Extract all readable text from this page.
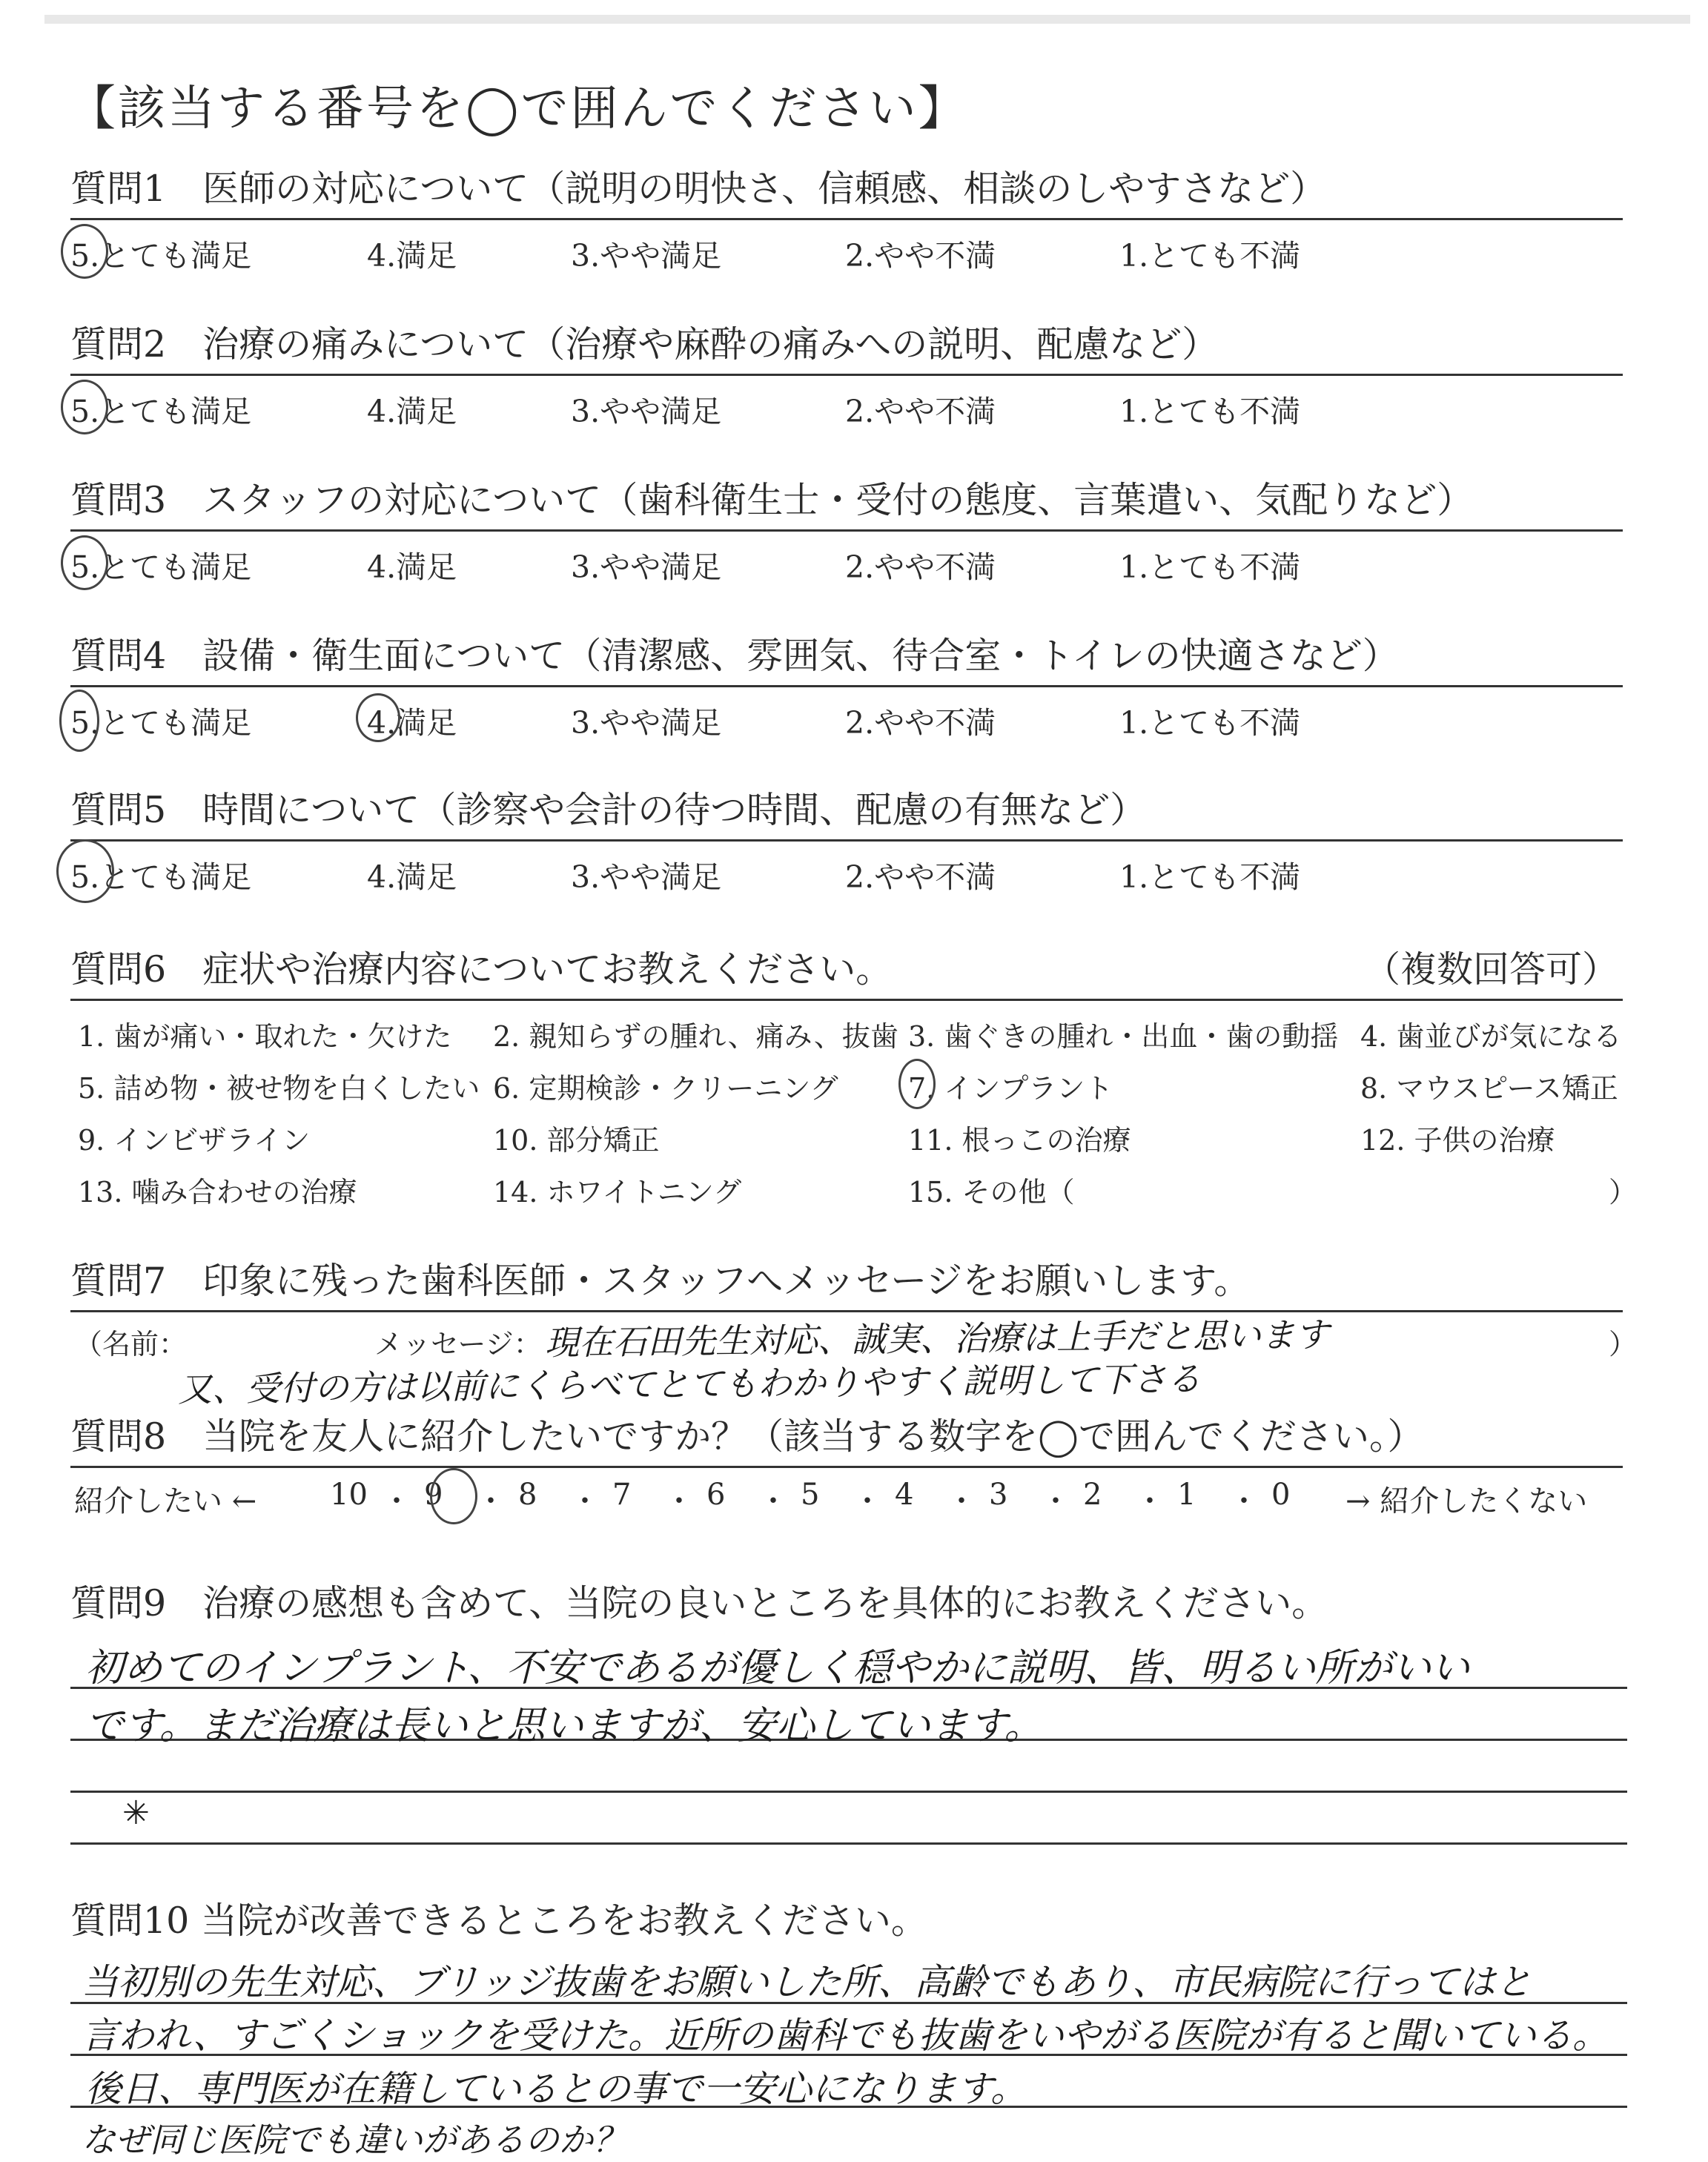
【該当する番号を◯で囲んでください】
質問1　医師の対応について（説明の明快さ、信頼感、相談のしやすさなど）
5.とても満足	4.満足	3.やや満足	2.やや不満	1.とても不満
質問2　治療の痛みについて（治療や麻酔の痛みへの説明、配慮など）
5.とても満足	4.満足	3.やや満足	2.やや不満	1.とても不満
質問3　スタッフの対応について（歯科衛生士・受付の態度、言葉遣い、気配りなど）
5.とても満足	4.満足	3.やや満足	2.やや不満	1.とても不満
質問4　設備・衛生面について（清潔感、雰囲気、待合室・トイレの快適さなど）
5.とても満足	4.満足	3.やや満足	2.やや不満	1.とても不満
質問5　時間について（診察や会計の待つ時間、配慮の有無など）
5.とても満足	4.満足	3.やや満足	2.やや不満	1.とても不満
質問6　症状や治療内容についてお教えください。	（複数回答可）
1. 歯が痛い・取れた・欠けた 2. 親知らずの腫れ、痛み、抜歯 3. 歯ぐきの腫れ・出血・歯の動揺 4. 歯並びが気になる
5. 詰め物・被せ物を白くしたい 6. 定期検診・クリーニング 7. インプラント	8. マウスピース矯正
9. インビザライン	10. 部分矯正	11. 根っこの治療	12. 子供の治療
13. 噛み合わせの治療	14. ホワイトニング	15. その他（	）
質問7　印象に残った歯科医師・スタッフへメッセージをお願いします。
（名前：	メッセージ：	）
現在石田先生対応、誠実、治療は上手だと思います
又、受付の方は以前にくらべてとてもわかりやすく説明して下さる
質問8　当院を友人に紹介したいですか？（該当する数字を◯で囲んでください。）
紹介したい ←	→ 紹介したくない
10 ・ 9 ・ 8 ・ 7 ・ 6 ・ 5 ・ 4 ・ 3 ・ 2 ・ 1 ・ 0
質問9　治療の感想も含めて、当院の良いところを具体的にお教えください。
初めてのインプラント、不安であるが優しく穏やかに説明、皆、明るい所がいい
です。まだ治療は長いと思いますが、安心しています。
✳
質問10 当院が改善できるところをお教えください。
当初別の先生対応、ブリッジ抜歯をお願いした所、高齢でもあり、市民病院に行ってはと
言われ、すごくショックを受けた。近所の歯科でも抜歯をいやがる医院が有ると聞いている。
後日、専門医が在籍しているとの事で一安心になります。
なぜ同じ医院でも違いがあるのか？
